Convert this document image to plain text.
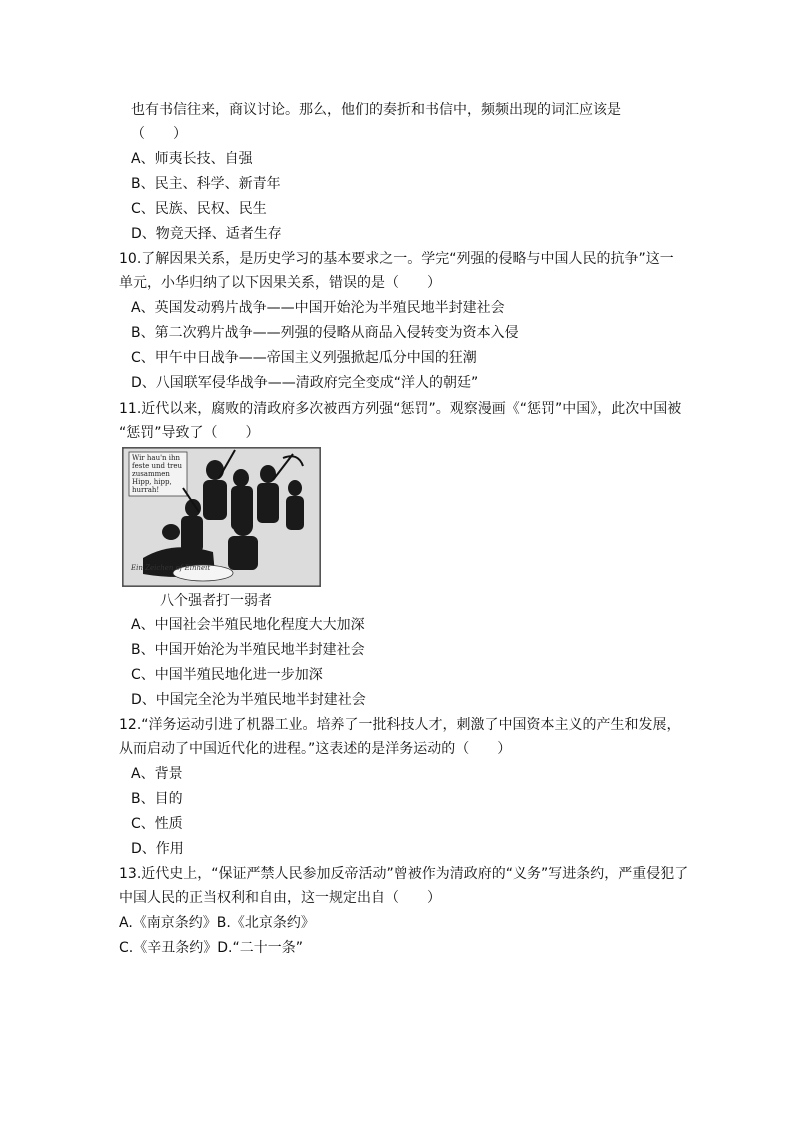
也有书信往来，商议讨论。那么，他们的奏折和书信中，频频出现的词汇应该是
（　　）
A、师夷长技、自强
B、民主、科学、新青年
C、民族、民权、民生
D、物竞天择、适者生存
10.了解因果关系，是历史学习的基本要求之一。学完“列强的侵略与中国人民的抗争”这一
单元，小华归纳了以下因果关系，错误的是（　　）
A、英国发动鸦片战争——中国开始沦为半殖民地半封建社会
B、第二次鸦片战争——列强的侵略从商品入侵转变为资本入侵
C、甲午中日战争——帝国主义列强掀起瓜分中国的狂潮
D、八国联军侵华战争——清政府完全变成“洋人的朝廷”
11.近代以来，腐败的清政府多次被西方列强“惩罚”。观察漫画《“惩罚”中国》，此次中国被
“惩罚”导致了（　　）
Wir hau'n ihn
feste und treu
zusammen
Hipp, hipp,
hurrah!
Ein Zeichen of Einheit
八个强者打一弱者
A、中国社会半殖民地化程度大大加深
B、中国开始沦为半殖民地半封建社会
C、中国半殖民地化进一步加深
D、中国完全沦为半殖民地半封建社会
12.“洋务运动引进了机器工业。培养了一批科技人才，刺激了中国资本主义的产生和发展，
从而启动了中国近代化的进程。”这表述的是洋务运动的（　　）
A、背景
B、目的
C、性质
D、作用
13.近代史上，“保证严禁人民参加反帝活动”曾被作为清政府的“义务”写进条约，严重侵犯了
中国人民的正当权利和自由，这一规定出自（　　）
A.《南京条约》B.《北京条约》
C.《辛丑条约》D.“二十一条”
